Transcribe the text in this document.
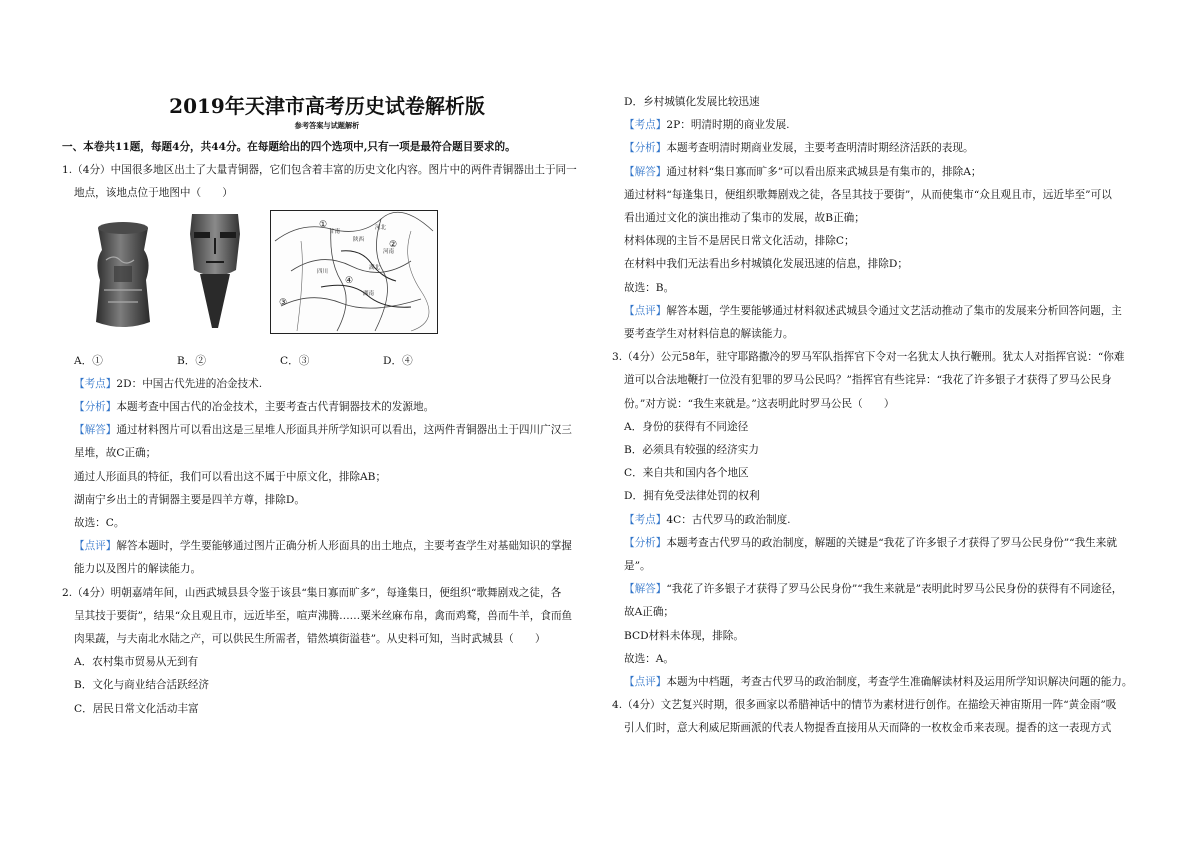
2019年天津市高考历史试卷解析版
参考答案与试题解析
一、本卷共11题，每题4分，共44分。在每题给出的四个选项中,只有一项是最符合题目要求的。
1.（4分）中国很多地区出土了大量青铜器，它们包含着丰富的历史文化内容。图片中的两件青铜器出土于同一
地点，该地点位于地图中（　　）
甘南
陕西
河北
湖北
四川
河南
湖南
①
②
③
④
A．①	B．②	C．③	D．④
【考点】2D：中国古代先进的冶金技术.
【分析】本题考查中国古代的冶金技术，主要考查古代青铜器技术的发源地。
【解答】通过材料图片可以看出这是三星堆人形面具并所学知识可以看出，这两件青铜器出土于四川广汉三
星堆，故C正确；
通过人形面具的特征，我们可以看出这不属于中原文化，排除AB；
湖南宁乡出土的青铜器主要是四羊方尊，排除D。
故选：C。
【点评】解答本题时，学生要能够通过图片正确分析人形面具的出土地点，主要考查学生对基础知识的掌握
能力以及图片的解读能力。
2.（4分）明朝嘉靖年间，山西武城县县令鉴于该县“集日寡而旷多”，每逢集日，便组织“歌舞剧戏之徒，各
呈其技于要街”，结果“众且观且市，远近毕至，喧声沸腾……粟米丝麻布帛，禽而鸡鹜，兽而牛羊，食而鱼
肉果蔬，与夫南北水陆之产，可以供民生所需者，错然填街溢巷”。从史料可知，当时武城县（　　）
A．农村集市贸易从无到有
B．文化与商业结合活跃经济
C．居民日常文化活动丰富
D．乡村城镇化发展比较迅速
【考点】2P：明清时期的商业发展.
【分析】本题考查明清时期商业发展，主要考查明清时期经济活跃的表现。
【解答】通过材料“集日寡而旷多”可以看出原来武城县是有集市的，排除A；
通过材料“每逢集日，便组织歌舞剧戏之徒，各呈其技于要街”，从而使集市“众且观且市，远近毕至”可以
看出通过文化的演出推动了集市的发展，故B正确；
材料体现的主旨不是居民日常文化活动，排除C；
在材料中我们无法看出乡村城镇化发展迅速的信息，排除D；
故选：B。
【点评】解答本题，学生要能够通过材料叙述武城县令通过文艺活动推动了集市的发展来分析回答问题，主
要考查学生对材料信息的解读能力。
3.（4分）公元58年，驻守耶路撒冷的罗马军队指挥官下令对一名犹太人执行鞭刑。犹太人对指挥官说：“你难
道可以合法地鞭打一位没有犯罪的罗马公民吗？”指挥官有些诧异：“我花了许多银子才获得了罗马公民身
份。”对方说：“我生来就是。”这表明此时罗马公民（　　）
A．身份的获得有不同途径
B．必须具有较强的经济实力
C．来自共和国内各个地区
D．拥有免受法律处罚的权利
【考点】4C：古代罗马的政治制度.
【分析】本题考查古代罗马的政治制度，解题的关键是“我花了许多银子才获得了罗马公民身份”“我生来就
是”。
【解答】“我花了许多银子才获得了罗马公民身份”“我生来就是”表明此时罗马公民身份的获得有不同途径，
故A正确；
BCD材料未体现，排除。
故选：A。
【点评】本题为中档题，考查古代罗马的政治制度，考查学生准确解读材料及运用所学知识解决问题的能力。
4.（4分）文艺复兴时期，很多画家以希腊神话中的情节为素材进行创作。在描绘天神宙斯用一阵“黄金雨”吸
引人们时，意大利威尼斯画派的代表人物提香直接用从天而降的一枚枚金币来表现。提香的这一表现方式
